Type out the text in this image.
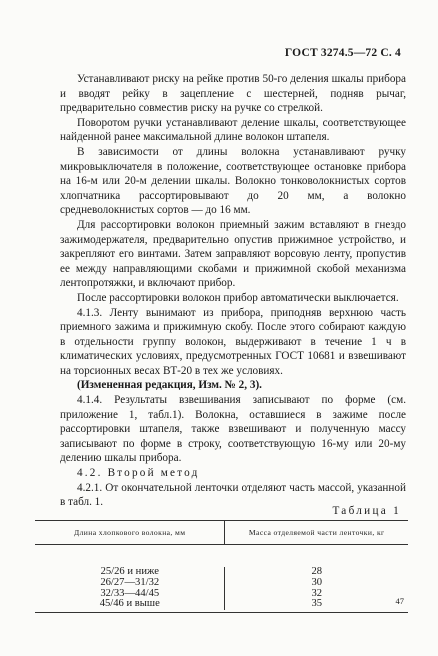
ГОСТ 3274.5—72 С. 4

Устанавливают риску на рейке против 50-го деления шкалы прибора и вводят рейку в зацепление с шестерней, подняв рычаг, предварительно совместив риску на ручке со стрелкой.

Поворотом ручки устанавливают деление шкалы, соответствующее найденной ранее максимальной длине волокон штапеля.

В зависимости от длины волокна устанавливают ручку микровыключателя в положение, соответствующее остановке прибора на 16-м или 20-м делении шкалы. Волокно тонковолокнистых сортов хлопчатника рассортировывают до 20 мм, а волокно средневолокнистых сортов — до 16 мм.

Для рассортировки волокон приемный зажим вставляют в гнездо зажимодержателя, предварительно опустив прижимное устройство, и закрепляют его винтами. Затем заправляют ворсовую ленту, пропустив ее между направляющими скобами и прижимной скобой механизма лентопротяжки, и включают прибор.

После рассортировки волокон прибор автоматически выключается.

4.1.3. Ленту вынимают из прибора, приподняв верхнюю часть приемного зажима и прижимную скобу. После этого собирают каждую в отдельности группу волокон, выдерживают в течение 1 ч в климатических условиях, предусмотренных ГОСТ 10681 и взвешивают на торсионных весах ВТ-20 в тех же условиях.

(Измененная редакция, Изм. № 2, 3).

4.1.4. Результаты взвешивания записывают по форме (см. приложение 1, табл.1). Волокна, оставшиеся в зажиме после рассортировки штапеля, также взвешивают и полученную массу записывают по форме в строку, соответствующую 16-му или 20-му делению шкалы прибора.

4.2. Второй метод

4.2.1. От окончательной ленточки отделяют часть массой, указанной в табл. 1.

Таблица 1
Длина хлопкового волокна, мм	Масса отделяемой части ленточки, кг
25/26 и ниже
26/27—31/32
32/33—44/45
45/46 и выше
28
30
32
35	47
